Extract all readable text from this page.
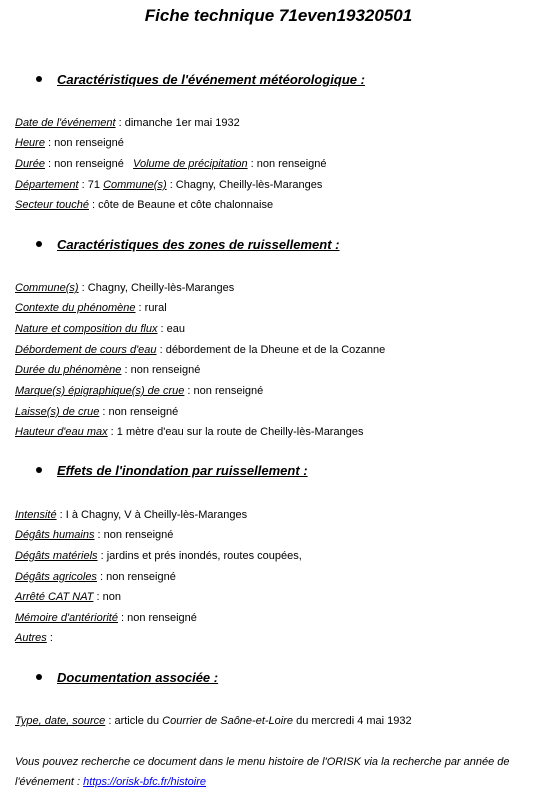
Fiche technique 71even19320501
Caractéristiques de l'événement météorologique :
Date de l'événement : dimanche 1er mai 1932
Heure : non renseigné
Durée : non renseigné Volume de précipitation : non renseigné
Département : 71 Commune(s) : Chagny, Cheilly-lès-Maranges
Secteur touché : côte de Beaune et côte chalonnaise
Caractéristiques des zones de ruissellement :
Commune(s) : Chagny, Cheilly-lès-Maranges
Contexte du phénomène : rural
Nature et composition du flux : eau
Débordement de cours d'eau : débordement de la Dheune et de la Cozanne
Durée du phénomène : non renseigné
Marque(s) épigraphique(s) de crue : non renseigné
Laisse(s) de crue : non renseigné
Hauteur d'eau max : 1 mètre d'eau sur la route de Cheilly-lès-Maranges
Effets de l'inondation par ruissellement :
Intensité : I à Chagny, V à Cheilly-lès-Maranges
Dégâts humains : non renseigné
Dégâts matériels : jardins et prés inondés, routes coupées,
Dégâts agricoles : non renseigné
Arrêté CAT NAT : non
Mémoire d'antériorité : non renseigné
Autres :
Documentation associée :
Type, date, source : article du Courrier de Saône-et-Loire du mercredi 4 mai 1932
Vous pouvez recherche ce document dans le menu histoire de l'ORISK via la recherche par année de l'événement : https://orisk-bfc.fr/histoire
